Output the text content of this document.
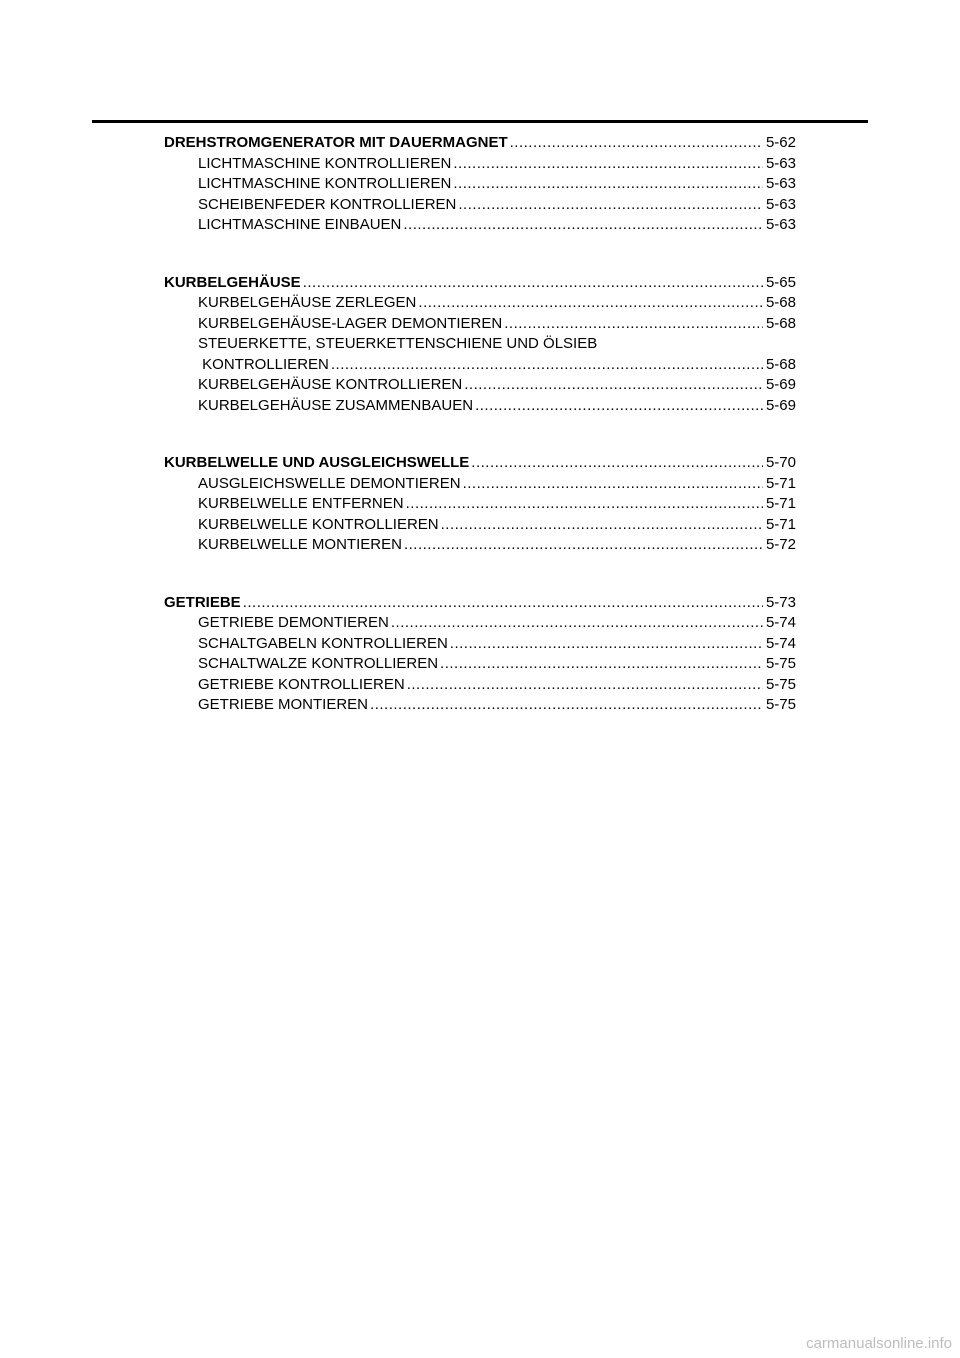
DREHSTROMGENERATOR MIT DAUERMAGNET .....	5-62
LICHTMASCHINE KONTROLLIEREN .....	5-63
LICHTMASCHINE KONTROLLIEREN .....	5-63
SCHEIBENFEDER KONTROLLIEREN .....	5-63
LICHTMASCHINE EINBAUEN .....	5-63
KURBELGEHÄUSE .....	5-65
KURBELGEHÄUSE ZERLEGEN .....	5-68
KURBELGEHÄUSE-LAGER DEMONTIEREN .....	5-68
STEUERKETTE, STEUERKETTENSCHIENE UND ÖLSIEB
KONTROLLIEREN .....	5-68
KURBELGEHÄUSE KONTROLLIEREN .....	5-69
KURBELGEHÄUSE ZUSAMMENBAUEN .....	5-69
KURBELWELLE UND AUSGLEICHSWELLE .....	5-70
AUSGLEICHSWELLE DEMONTIEREN .....	5-71
KURBELWELLE ENTFERNEN .....	5-71
KURBELWELLE KONTROLLIEREN .....	5-71
KURBELWELLE MONTIEREN .....	5-72
GETRIEBE .....	5-73
GETRIEBE DEMONTIEREN .....	5-74
SCHALTGABELN KONTROLLIEREN .....	5-74
SCHALTWALZE KONTROLLIEREN .....	5-75
GETRIEBE KONTROLLIEREN .....	5-75
GETRIEBE MONTIEREN .....	5-75
carmanualsonline.info
